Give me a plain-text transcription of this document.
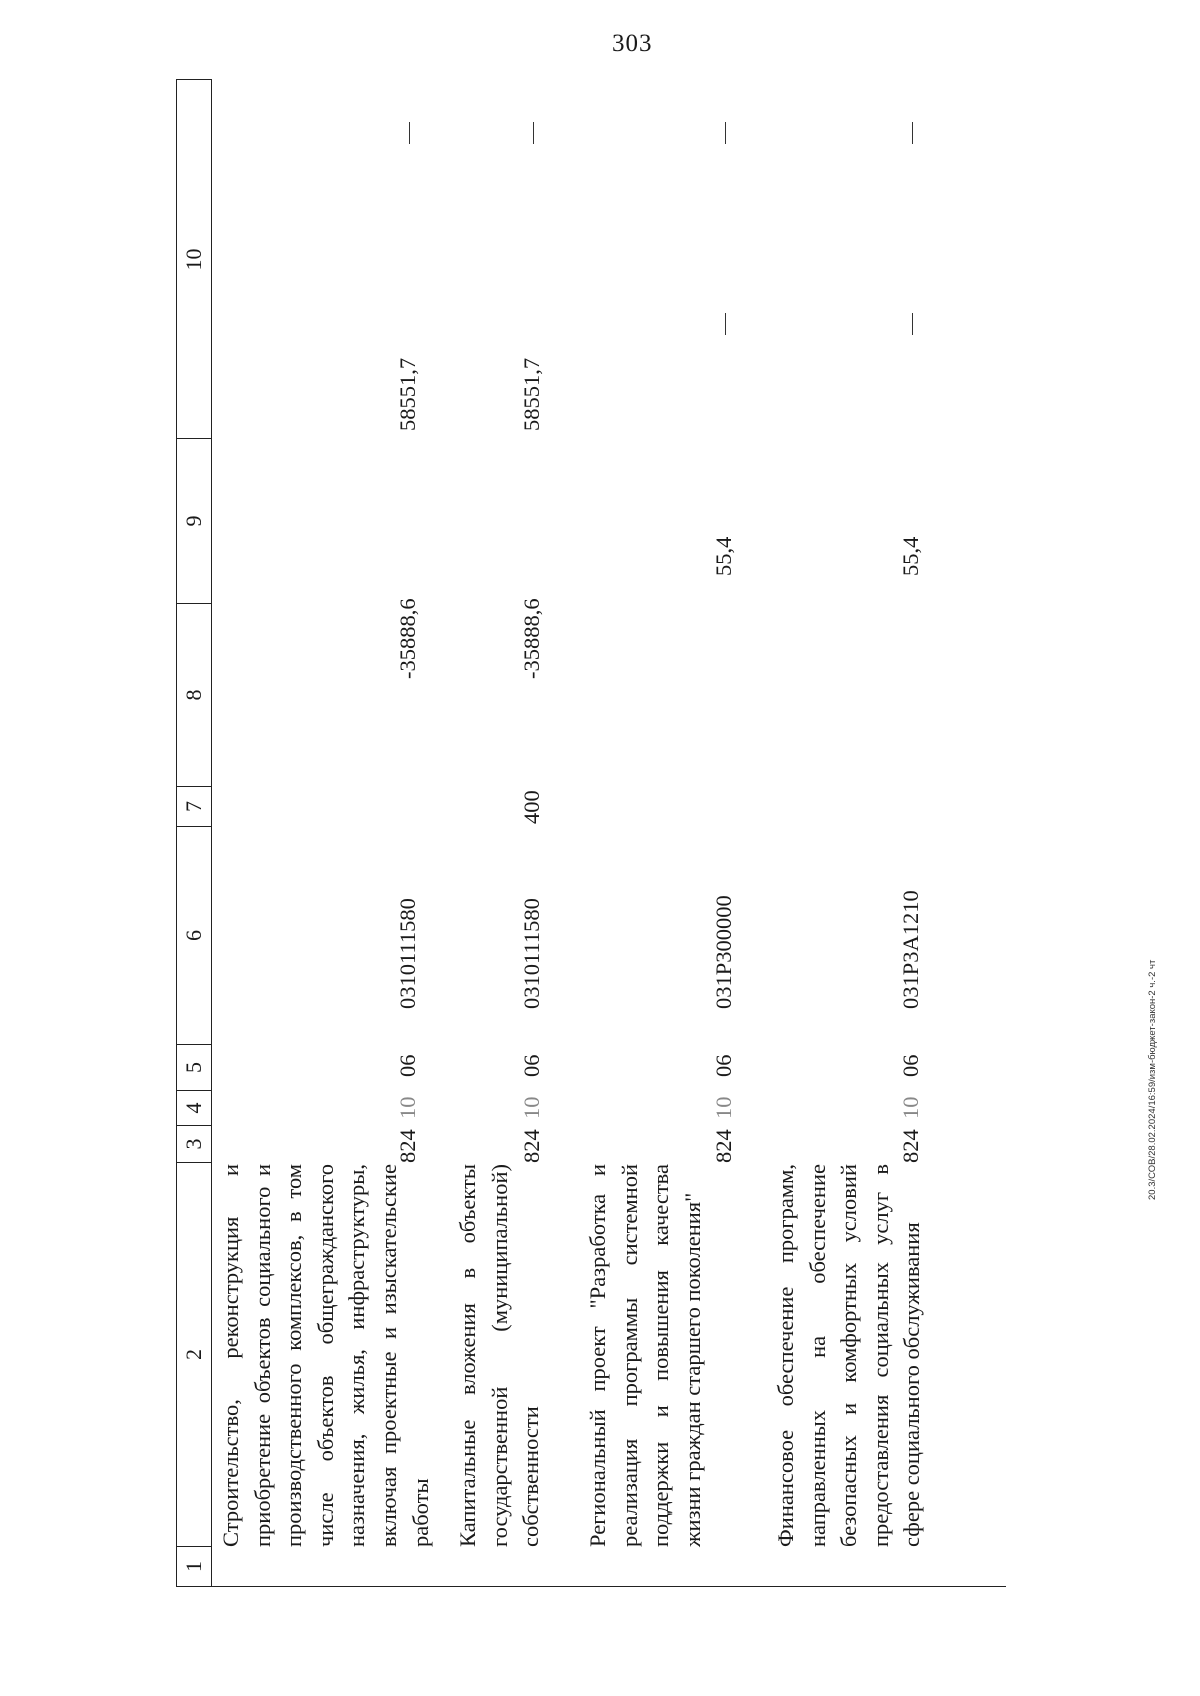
303
20.3/СОВ/28.02.2024/16:59/изм-бюджет-закон-2 ч.-2 чт
1
2
3
4
5
6
7
8
9
10
Строительство, реконструкция и приобретение объектов социального и производственного комплексов, в том числе объектов общегражданского назначения, жилья, инфраструктуры, включая проектные и изыскательские работы
824
10
06
0310111580
-35888,6
58551,7
Капитальные вложения в объекты государственной (муниципальной) собственности
824
10
06
0310111580
400
-35888,6
58551,7
Региональный проект "Разработка и реализация программы системной поддержки и повышения качества жизни граждан старшего поколения"
824
10
06
031P300000
55,4
Финансовое обеспечение программ, направленных на обеспечение безопасных и комфортных условий предоставления социальных услуг в сфере социального обслуживания
824
10
06
031P3A1210
55,4
